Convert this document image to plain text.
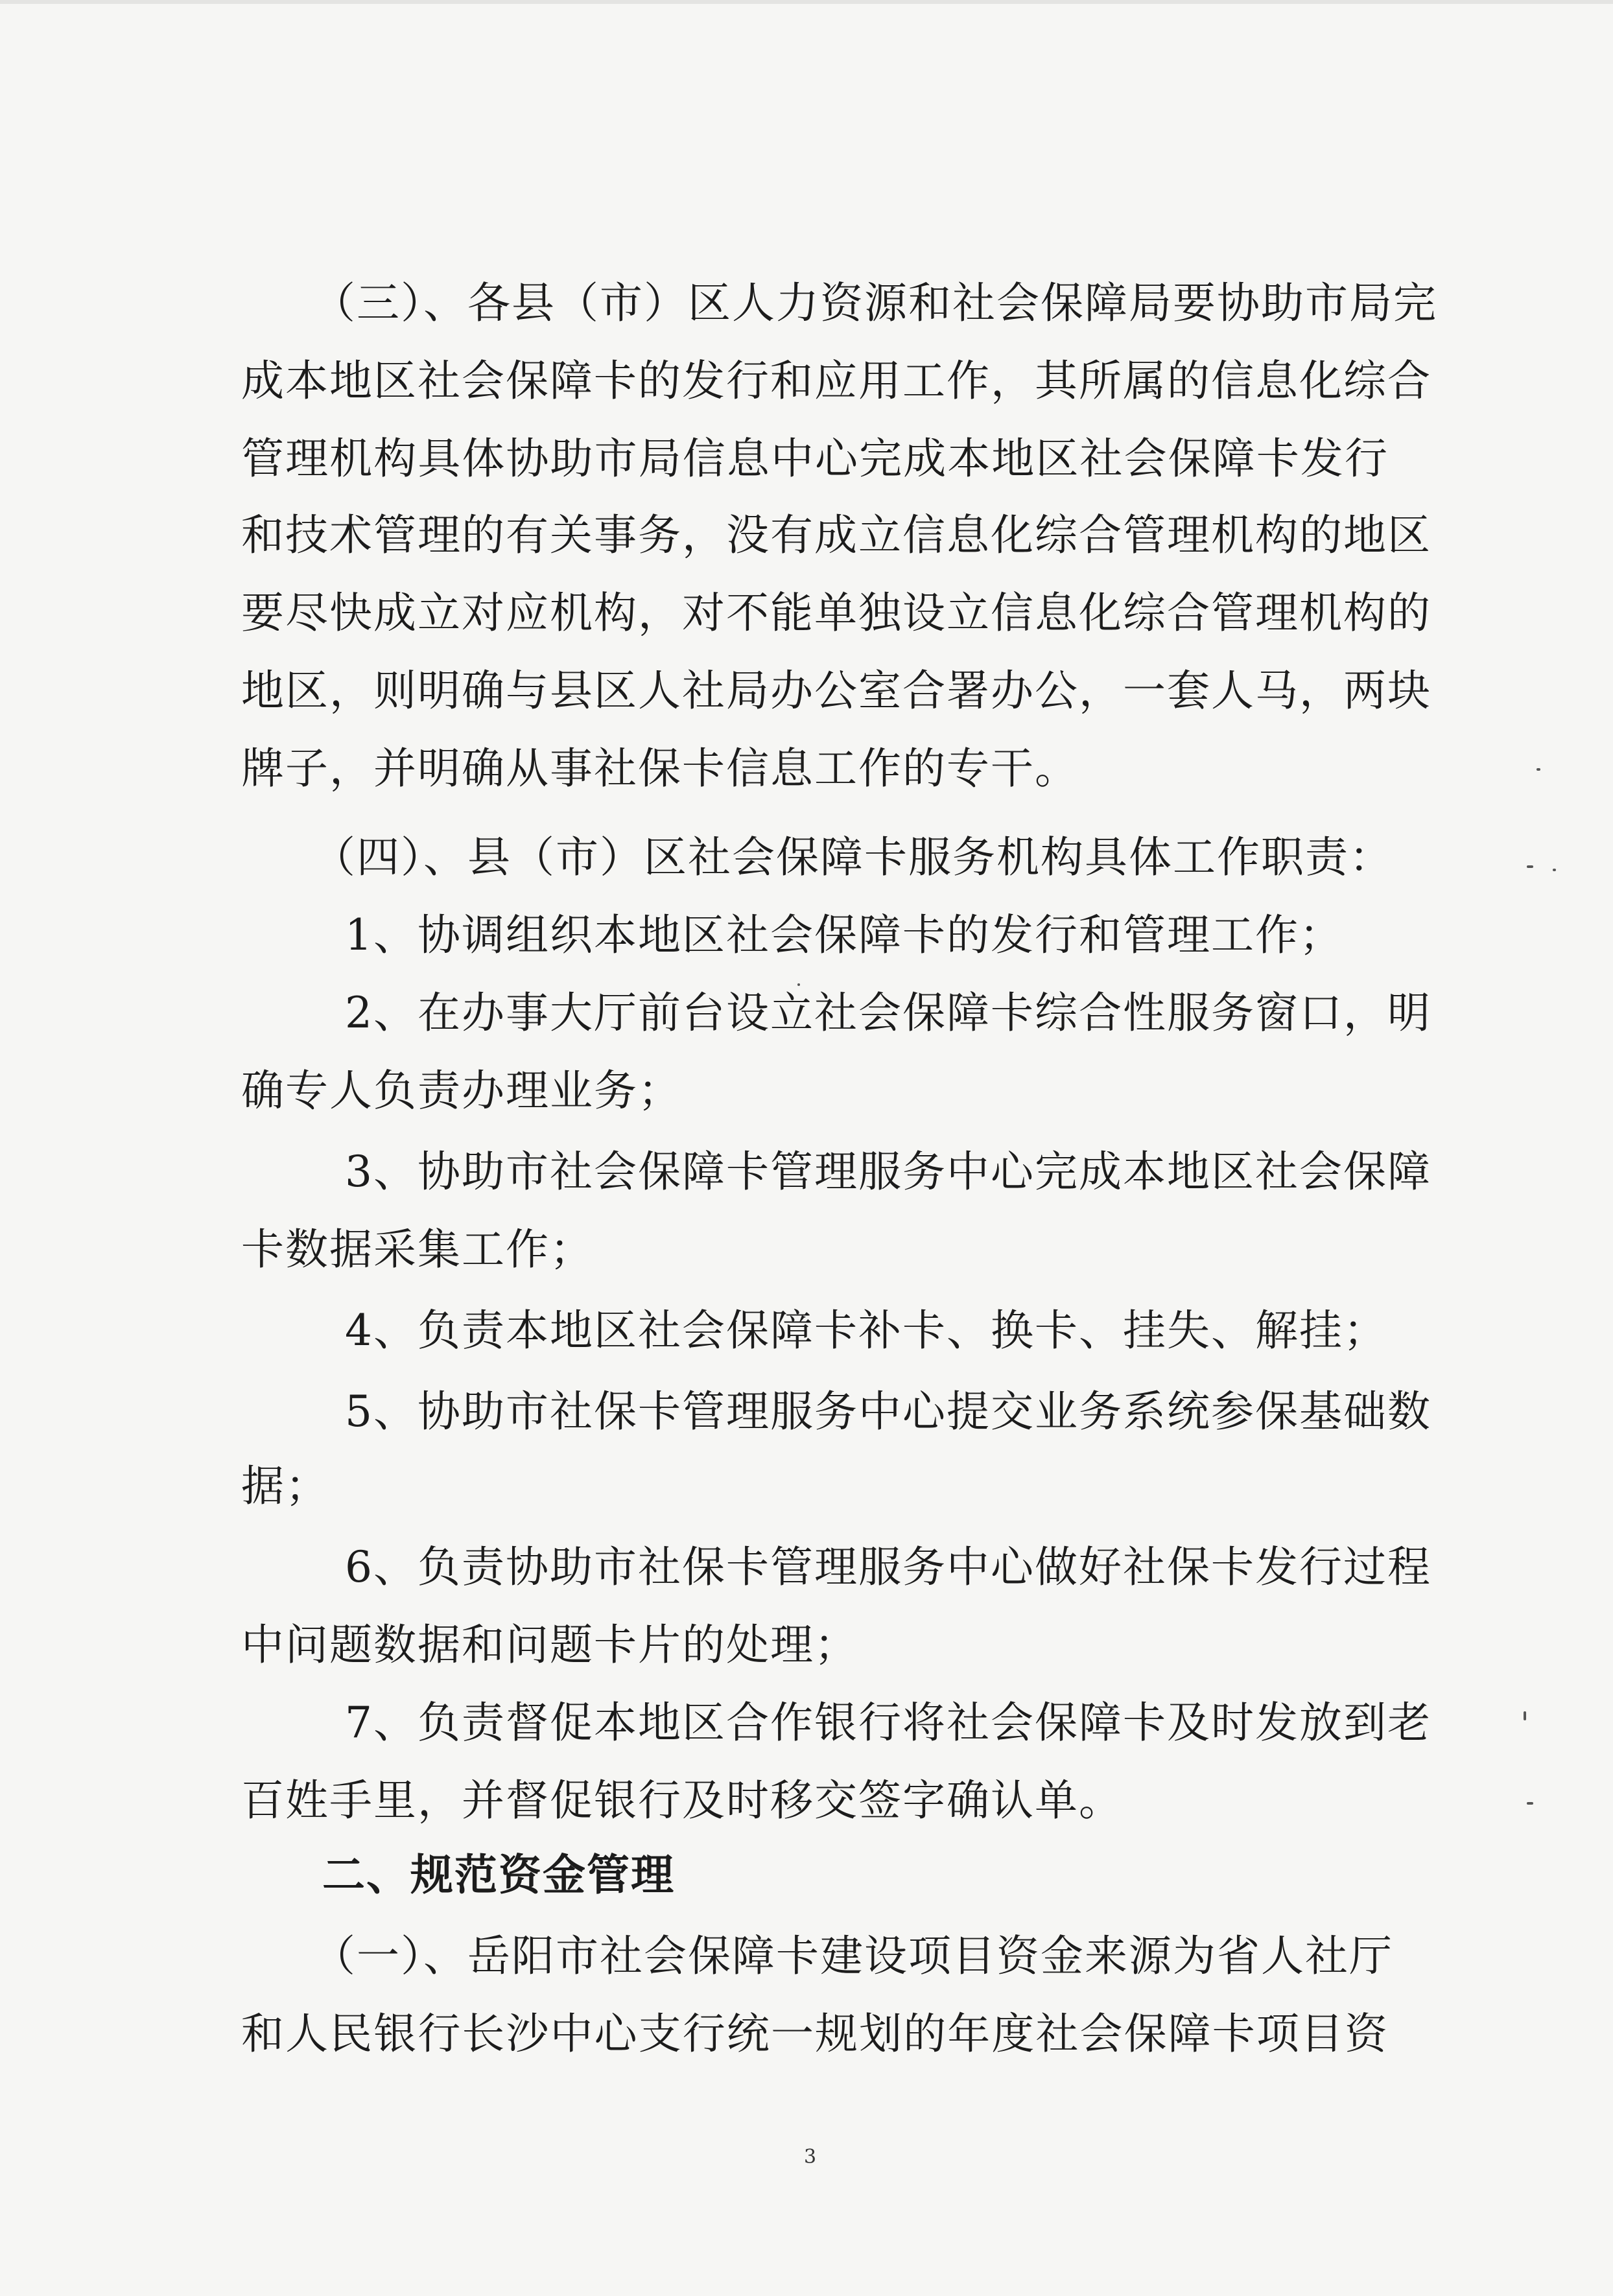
（三）、各县（市）区人力资源和社会保障局要协助市局完
成本地区社会保障卡的发行和应用工作，其所属的信息化综合
管理机构具体协助市局信息中心完成本地区社会保障卡发行
和技术管理的有关事务，没有成立信息化综合管理机构的地区
要尽快成立对应机构，对不能单独设立信息化综合管理机构的
地区，则明确与县区人社局办公室合署办公，一套人马，两块
牌子，并明确从事社保卡信息工作的专干。
（四）、县（市）区社会保障卡服务机构具体工作职责：
1、协调组织本地区社会保障卡的发行和管理工作；
2、在办事大厅前台设立社会保障卡综合性服务窗口，明
确专人负责办理业务；
3、协助市社会保障卡管理服务中心完成本地区社会保障
卡数据采集工作；
4、负责本地区社会保障卡补卡、换卡、挂失、解挂；
5、协助市社保卡管理服务中心提交业务系统参保基础数
据；
6、负责协助市社保卡管理服务中心做好社保卡发行过程
中问题数据和问题卡片的处理；
7、负责督促本地区合作银行将社会保障卡及时发放到老
百姓手里，并督促银行及时移交签字确认单。
二、规范资金管理
（一）、岳阳市社会保障卡建设项目资金来源为省人社厅
和人民银行长沙中心支行统一规划的年度社会保障卡项目资
3
